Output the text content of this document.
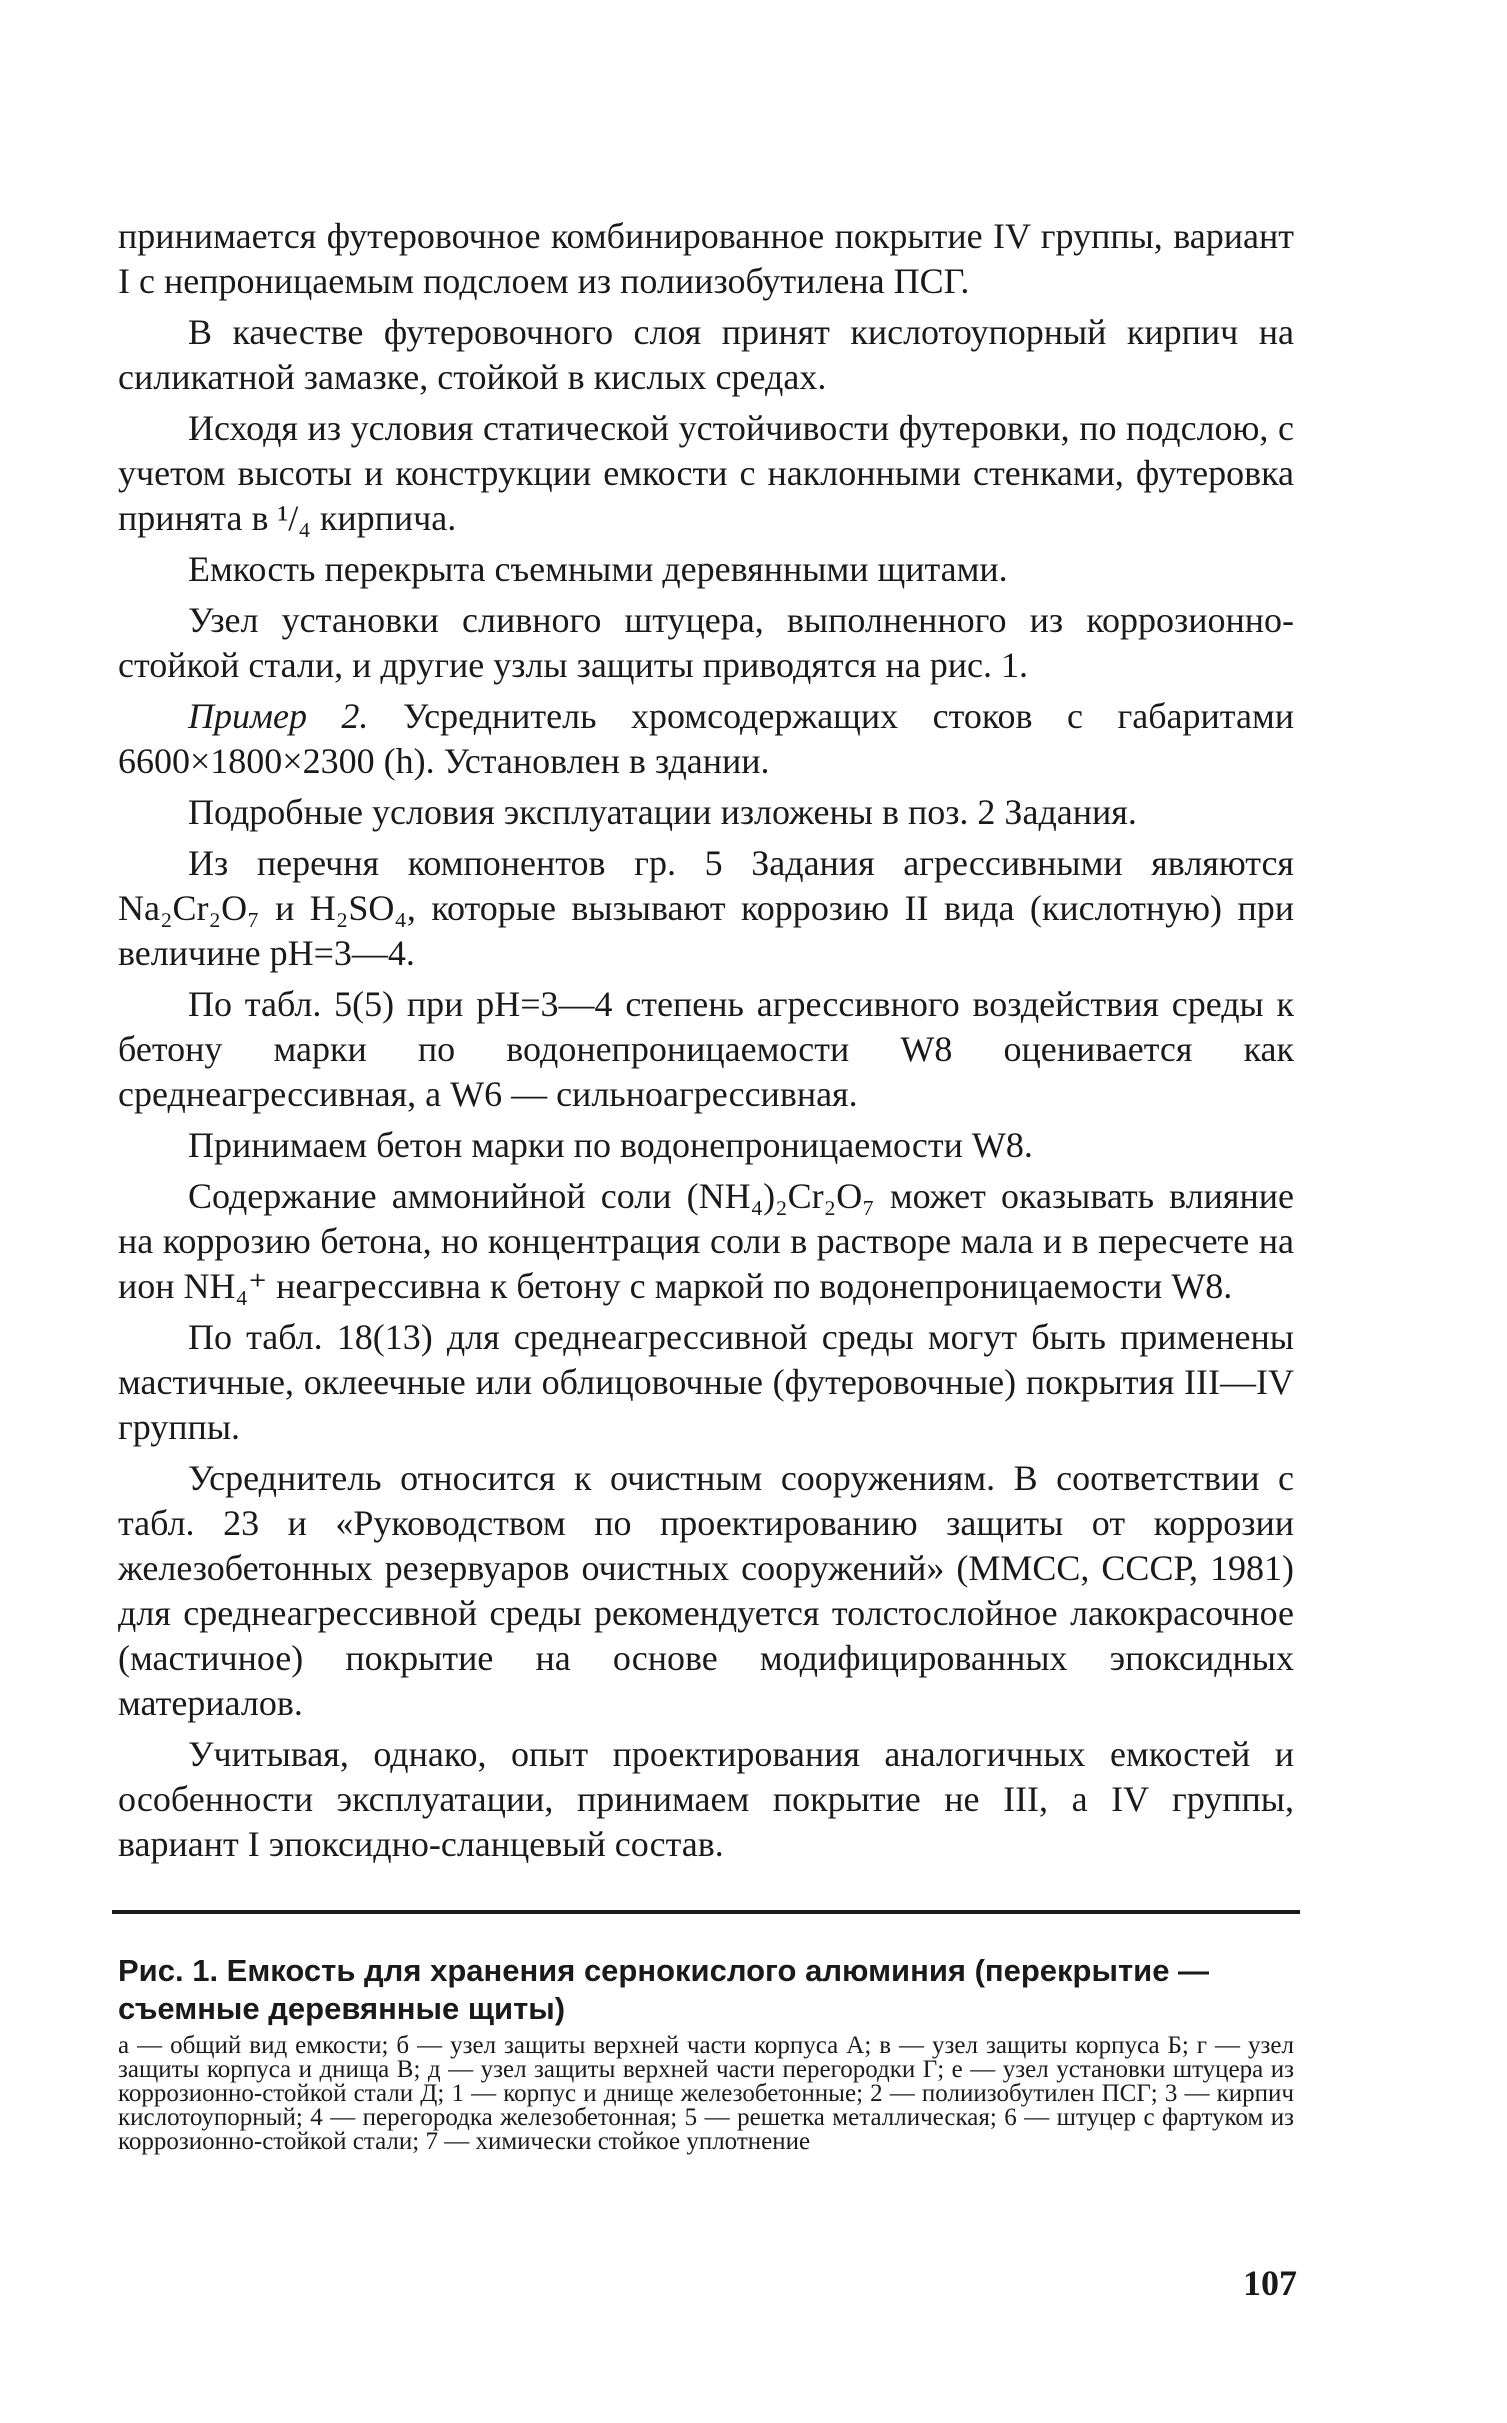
принимается футеровочное комбинированное покрытие IV группы, вариант I с непроницаемым подслоем из полиизобутилена ПСГ.

В качестве футеровочного слоя принят кислотоупорный кирпич на силикатной замазке, стойкой в кислых средах.

Исходя из условия статической устойчивости футеровки, по подслою, с учетом высоты и конструкции емкости с наклонными стенками, футеровка принята в ¹/₄ кирпича.

Емкость перекрыта съемными деревянными щитами.

Узел установки сливного штуцера, выполненного из коррозионно-стойкой стали, и другие узлы защиты приводятся на рис. 1.

Пример 2. Усреднитель хромсодержащих стоков с габаритами 6600×1800×2300 (h). Установлен в здании.

Подробные условия эксплуатации изложены в поз. 2 Задания.

Из перечня компонентов гр. 5 Задания агрессивными являются Na₂Cr₂O₇ и H₂SO₄, которые вызывают коррозию II вида (кислотную) при величине pH=3—4.

По табл. 5(5) при pH=3—4 степень агрессивного воздействия среды к бетону марки по водонепроницаемости W8 оценивается как среднеагрессивная, а W6 — сильноагрессивная.

Принимаем бетон марки по водонепроницаемости W8.

Содержание аммонийной соли (NH₄)₂Cr₂O₇ может оказывать влияние на коррозию бетона, но концентрация соли в растворе мала и в пересчете на ион NH₄⁺ неагрессивна к бетону с маркой по водонепроницаемости W8.

По табл. 18(13) для среднеагрессивной среды могут быть применены мастичные, оклеечные или облицовочные (футеровочные) покрытия III—IV группы.

Усреднитель относится к очистным сооружениям. В соответствии с табл. 23 и «Руководством по проектированию защиты от коррозии железобетонных резервуаров очистных сооружений» (ММСС, СССР, 1981) для среднеагрессивной среды рекомендуется толстослойное лакокрасочное (мастичное) покрытие на основе модифицированных эпоксидных материалов.

Учитывая, однако, опыт проектирования аналогичных емкостей и особенности эксплуатации, принимаем покрытие не III, а IV группы, вариант I эпоксидно-сланцевый состав.

Рис. 1. Емкость для хранения сернокислого алюминия (перекрытие — съемные деревянные щиты)

а — общий вид емкости; б — узел защиты верхней части корпуса А; в — узел защиты корпуса Б; г — узел защиты корпуса и днища В; д — узел защиты верхней части перегородки Г; е — узел установки штуцера из коррозионно-стойкой стали Д; 1 — корпус и днище железобетонные; 2 — полиизобутилен ПСГ; 3 — кирпич кислотоупорный; 4 — перегородка железобетонная; 5 — решетка металлическая; 6 — штуцер с фартуком из коррозионно-стойкой стали; 7 — химически стойкое уплотнение

107
